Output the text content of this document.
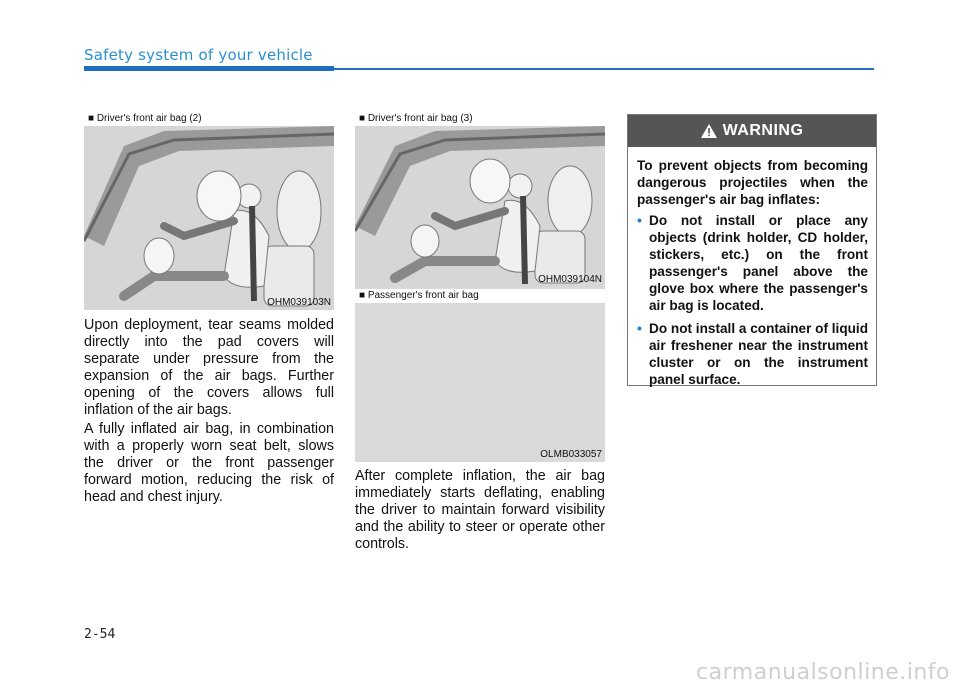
Safety system of your vehicle
■ Driver's front air bag (2)
OHM039103N
■ Driver's front air bag (3)
OHM039104N
■ Passenger's front air bag
OLMB033057

Upon deployment, tear seams molded directly into the pad covers will separate under pressure from the expansion of the air bags. Further opening of the covers allows full inflation of the air bags.

A fully inflated air bag, in combination with a properly worn seat belt, slows the driver or the front passenger forward motion, reducing the risk of head and chest injury.

After complete inflation, the air bag immediately starts deflating, enabling the driver to maintain forward visibility and the ability to steer or operate other controls.

WARNING
To prevent objects from becoming dangerous projectiles when the passenger's air bag inflates:
• Do not install or place any objects (drink holder, CD holder, stickers, etc.) on the front passenger's panel above the glove box where the passenger's air bag is located.
• Do not install a container of liquid air freshener near the instrument cluster or on the instrument panel surface.
2-54
carmanualsonline.info
